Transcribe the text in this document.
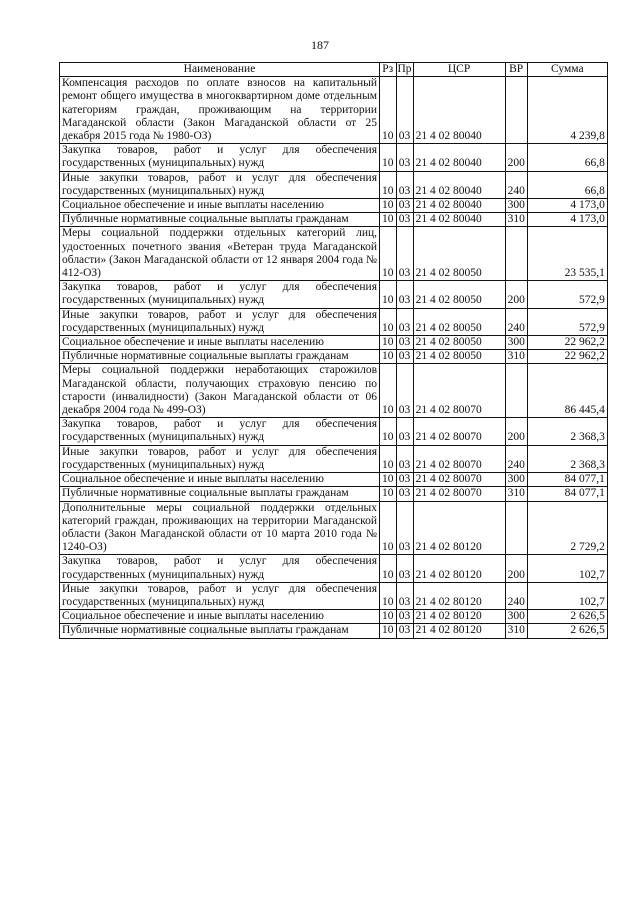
187
Наименование	Рз	Пр	ЦСР	ВР	Сумма
Компенсация расходов по оплате взносов на капитальный ремонт общего имущества в многоквартирном доме отдельным категориям граждан, проживающим на территории Магаданской области (Закон Магаданской области от 25 декабря 2015 года № 1980-ОЗ)	10	03	21 4 02 80040		4 239,8
Закупка товаров, работ и услуг для обеспечения государственных (муниципальных) нужд	10	03	21 4 02 80040	200	66,8
Иные закупки товаров, работ и услуг для обеспечения государственных (муниципальных) нужд	10	03	21 4 02 80040	240	66,8
Социальное обеспечение и иные выплаты населению	10	03	21 4 02 80040	300	4 173,0
Публичные нормативные социальные выплаты гражданам	10	03	21 4 02 80040	310	4 173,0
Меры социальной поддержки отдельных категорий лиц, удостоенных почетного звания «Ветеран труда Магаданской области» (Закон Магаданской области от 12 января 2004 года № 412-ОЗ)	10	03	21 4 02 80050		23 535,1
Закупка товаров, работ и услуг для обеспечения государственных (муниципальных) нужд	10	03	21 4 02 80050	200	572,9
Иные закупки товаров, работ и услуг для обеспечения государственных (муниципальных) нужд	10	03	21 4 02 80050	240	572,9
Социальное обеспечение и иные выплаты населению	10	03	21 4 02 80050	300	22 962,2
Публичные нормативные социальные выплаты гражданам	10	03	21 4 02 80050	310	22 962,2
Меры социальной поддержки неработающих старожилов Магаданской области, получающих страховую пенсию по старости (инвалидности) (Закон Магаданской области от 06 декабря 2004 года № 499-ОЗ)	10	03	21 4 02 80070		86 445,4
Закупка товаров, работ и услуг для обеспечения государственных (муниципальных) нужд	10	03	21 4 02 80070	200	2 368,3
Иные закупки товаров, работ и услуг для обеспечения государственных (муниципальных) нужд	10	03	21 4 02 80070	240	2 368,3
Социальное обеспечение и иные выплаты населению	10	03	21 4 02 80070	300	84 077,1
Публичные нормативные социальные выплаты гражданам	10	03	21 4 02 80070	310	84 077,1
Дополнительные меры социальной поддержки отдельных категорий граждан, проживающих на территории Магаданской области (Закон Магаданской области от 10 марта 2010 года № 1240-ОЗ)	10	03	21 4 02 80120		2 729,2
Закупка товаров, работ и услуг для обеспечения государственных (муниципальных) нужд	10	03	21 4 02 80120	200	102,7
Иные закупки товаров, работ и услуг для обеспечения государственных (муниципальных) нужд	10	03	21 4 02 80120	240	102,7
Социальное обеспечение и иные выплаты населению	10	03	21 4 02 80120	300	2 626,5
Публичные нормативные социальные выплаты гражданам	10	03	21 4 02 80120	310	2 626,5
